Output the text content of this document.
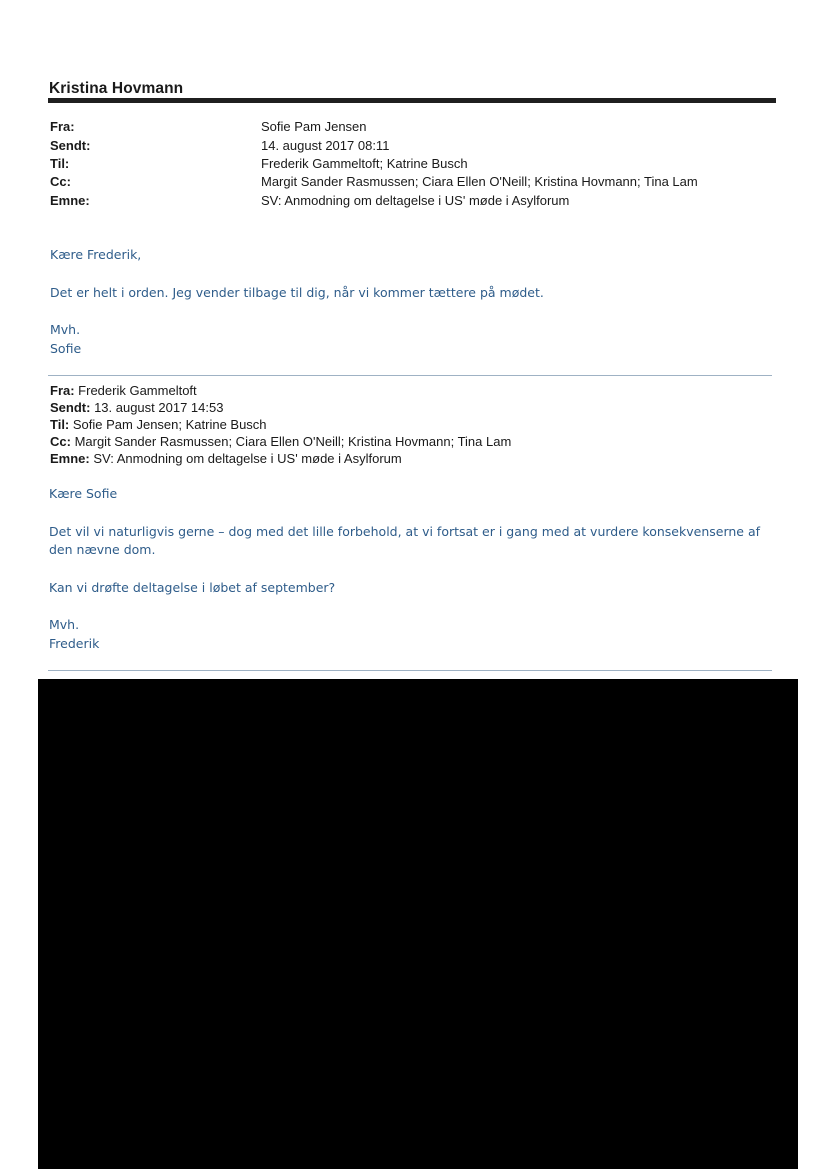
Kristina Hovmann
Fra:	Sofie Pam Jensen
Sendt:	14. august 2017 08:11
Til:	Frederik Gammeltoft; Katrine Busch
Cc:	Margit Sander Rasmussen; Ciara Ellen O'Neill; Kristina Hovmann; Tina Lam
Emne:	SV: Anmodning om deltagelse i US' møde i Asylforum
Kære Frederik,
Det er helt i orden. Jeg vender tilbage til dig, når vi kommer tættere på mødet.
Mvh.
Sofie
Fra: Frederik Gammeltoft
Sendt: 13. august 2017 14:53
Til: Sofie Pam Jensen; Katrine Busch
Cc: Margit Sander Rasmussen; Ciara Ellen O'Neill; Kristina Hovmann; Tina Lam
Emne: SV: Anmodning om deltagelse i US' møde i Asylforum
Kære Sofie
Det vil vi naturligvis gerne – dog med det lille forbehold, at vi fortsat er i gang med at vurdere konsekvenserne af
den nævne dom.
Kan vi drøfte deltagelse i løbet af september?
Mvh.
Frederik
